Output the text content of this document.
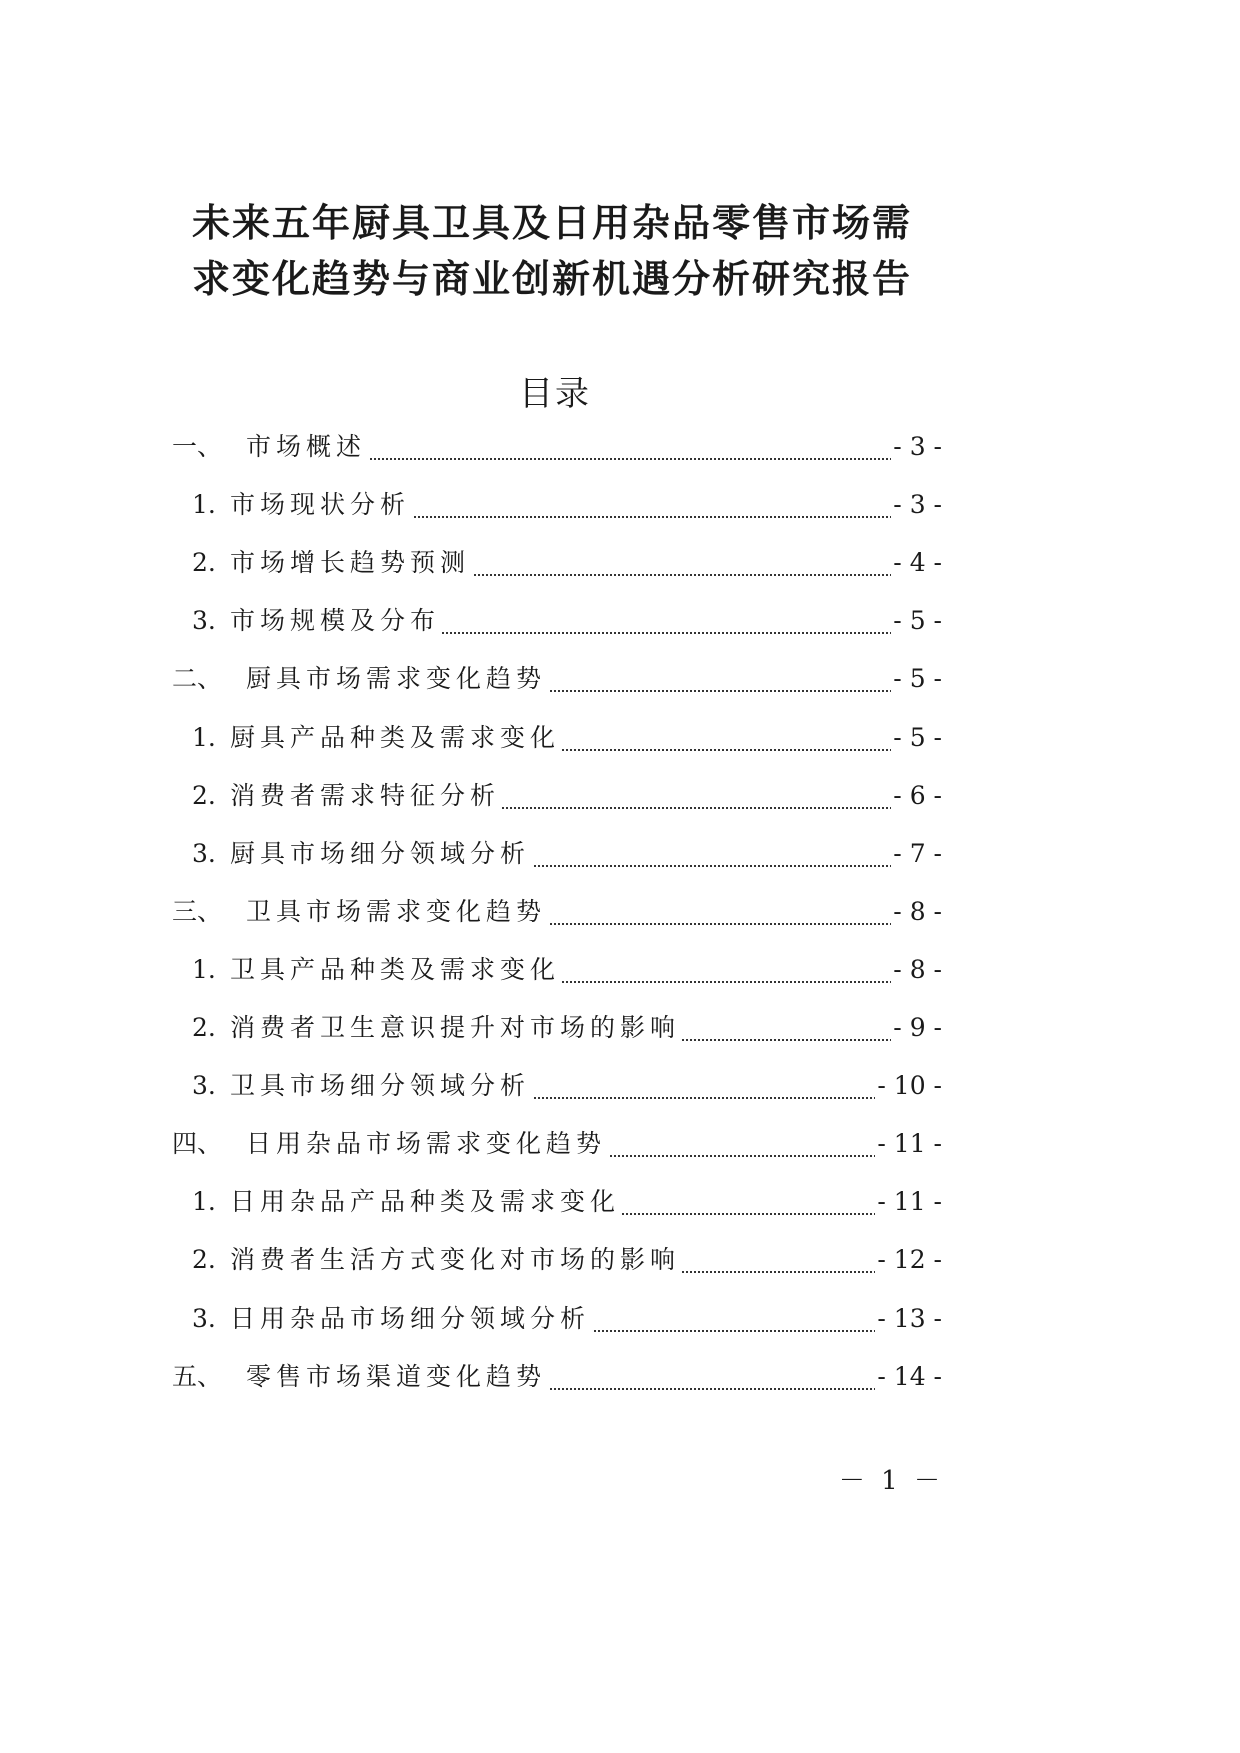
未来五年厨具卫具及日用杂品零售市场需
求变化趋势与商业创新机遇分析研究报告
目录
一、 市场概述	- 3 -
1. 市场现状分析	- 3 -
2. 市场增长趋势预测	- 4 -
3. 市场规模及分布	- 5 -
二、 厨具市场需求变化趋势	- 5 -
1. 厨具产品种类及需求变化	- 5 -
2. 消费者需求特征分析	- 6 -
3. 厨具市场细分领域分析	- 7 -
三、 卫具市场需求变化趋势	- 8 -
1. 卫具产品种类及需求变化	- 8 -
2. 消费者卫生意识提升对市场的影响	- 9 -
3. 卫具市场细分领域分析	- 10 -
四、 日用杂品市场需求变化趋势	- 11 -
1. 日用杂品产品种类及需求变化	- 11 -
2. 消费者生活方式变化对市场的影响	- 12 -
3. 日用杂品市场细分领域分析	- 13 -
五、 零售市场渠道变化趋势	- 14 -
－ 1 －
